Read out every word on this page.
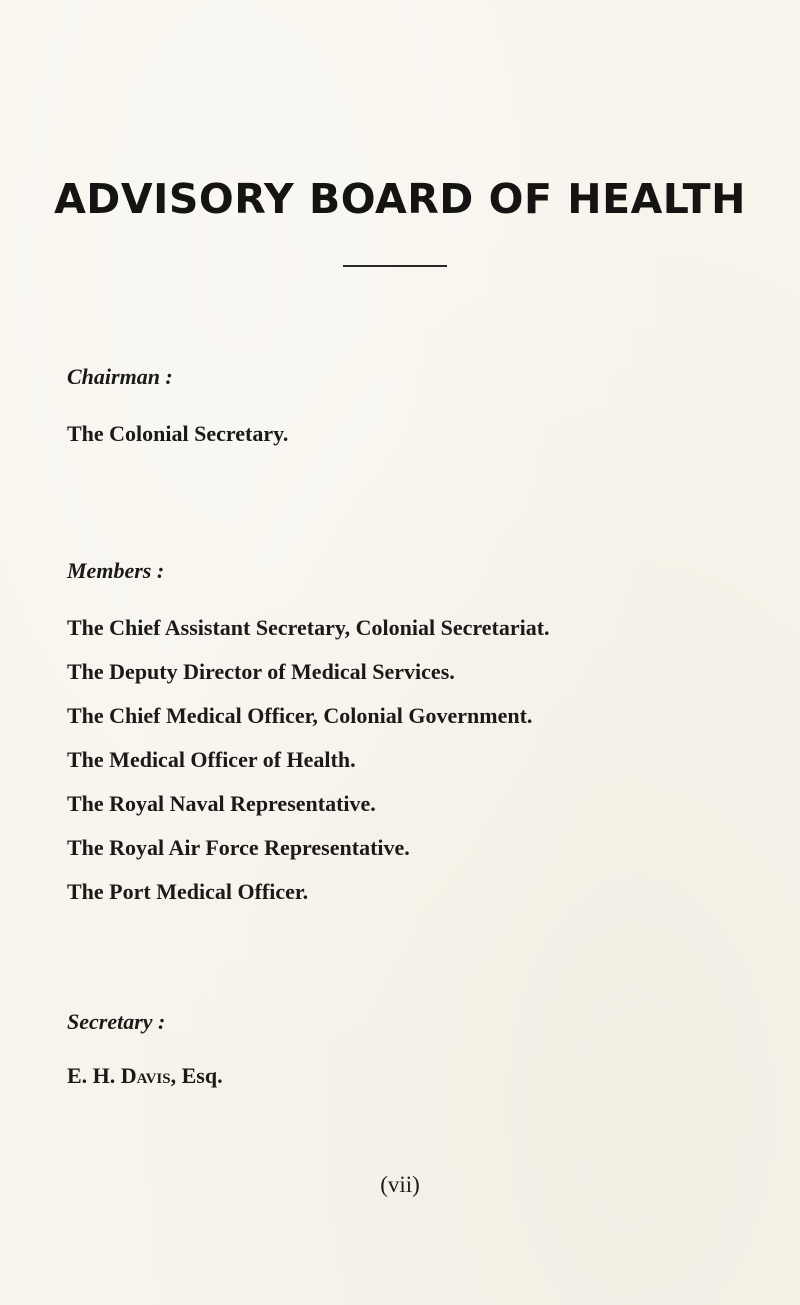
ADVISORY BOARD OF HEALTH
Chairman :
The Colonial Secretary.
Members :
The Chief Assistant Secretary, Colonial Secretariat.
The Deputy Director of Medical Services.
The Chief Medical Officer, Colonial Government.
The Medical Officer of Health.
The Royal Naval Representative.
The Royal Air Force Representative.
The Port Medical Officer.
Secretary :
E. H. Davis, Esq.
(vii)
